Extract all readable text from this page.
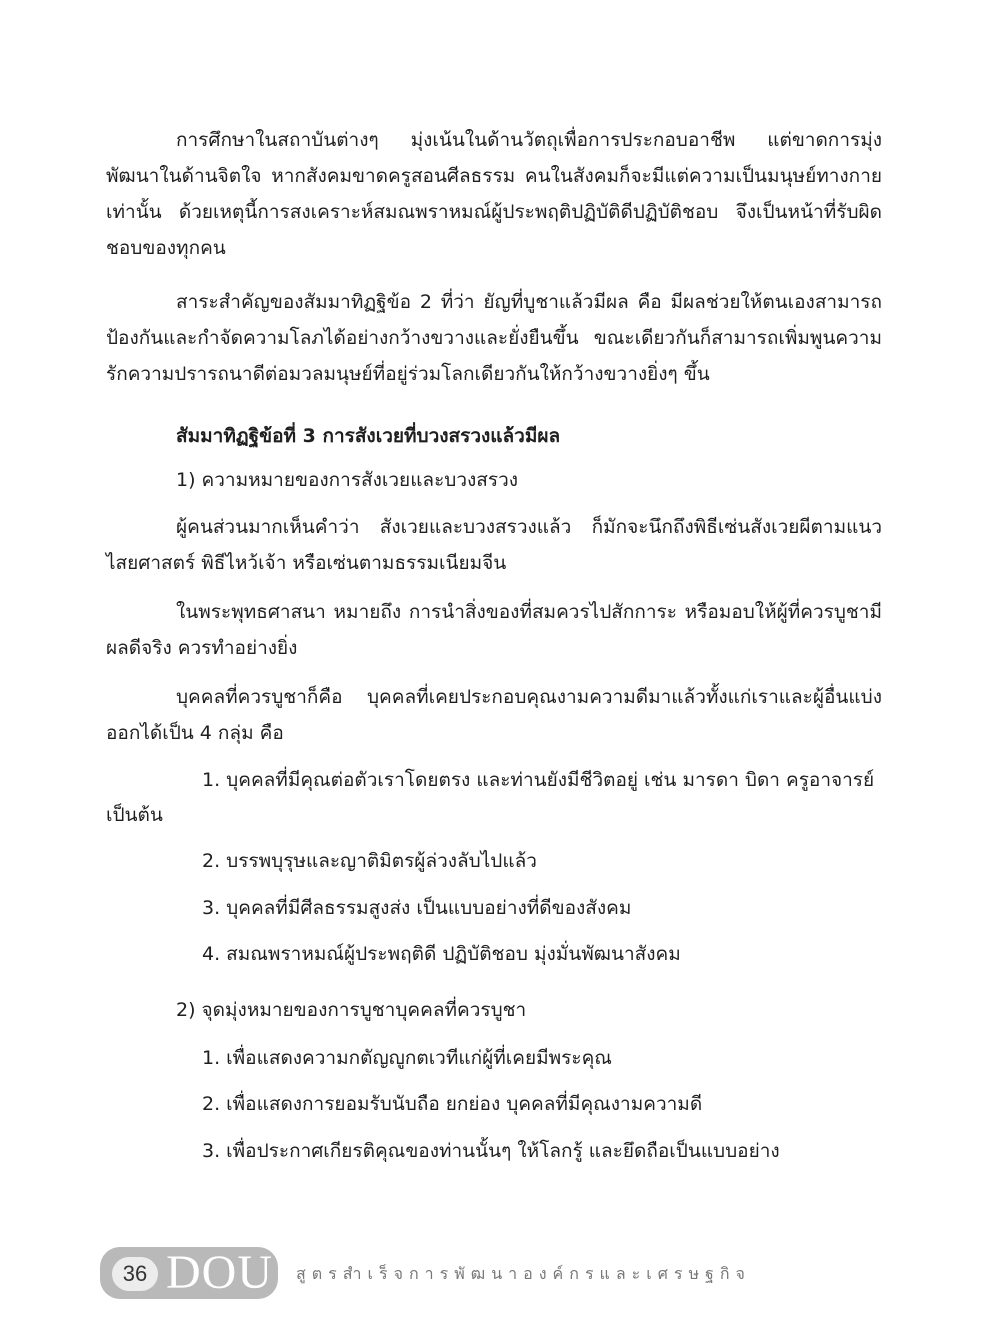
การศึกษาในสถาบันต่างๆ มุ่งเน้นในด้านวัตถุเพื่อการประกอบอาชีพ แต่ขาดการมุ่งพัฒนาในด้านจิตใจ หากสังคมขาดครูสอนศีลธรรม คนในสังคมก็จะมีแต่ความเป็นมนุษย์ทางกายเท่านั้น ด้วยเหตุนี้การสงเคราะห์สมณพราหมณ์ผู้ประพฤติปฏิบัติดีปฏิบัติชอบ จึงเป็นหน้าที่รับผิดชอบของทุกคน

สาระสำคัญของสัมมาทิฏฐิข้อ 2 ที่ว่า ยัญที่บูชาแล้วมีผล คือ มีผลช่วยให้ตนเองสามารถป้องกันและกำจัดความโลภได้อย่างกว้างขวางและยั่งยืนขึ้น ขณะเดียวกันก็สามารถเพิ่มพูนความรักความปรารถนาดีต่อมวลมนุษย์ที่อยู่ร่วมโลกเดียวกันให้กว้างขวางยิ่งๆ ขึ้น

สัมมาทิฏฐิข้อที่ 3 การสังเวยที่บวงสรวงแล้วมีผล

1) ความหมายของการสังเวยและบวงสรวง

ผู้คนส่วนมากเห็นคำว่า สังเวยและบวงสรวงแล้ว ก็มักจะนึกถึงพิธีเซ่นสังเวยผีตามแนวไสยศาสตร์ พิธีไหว้เจ้า หรือเซ่นตามธรรมเนียมจีน

ในพระพุทธศาสนา หมายถึง การนำสิ่งของที่สมควรไปสักการะ หรือมอบให้ผู้ที่ควรบูชามีผลดีจริง ควรทำอย่างยิ่ง

บุคคลที่ควรบูชาก็คือ บุคคลที่เคยประกอบคุณงามความดีมาแล้วทั้งแก่เราและผู้อื่นแบ่งออกได้เป็น 4 กลุ่ม คือ

1. บุคคลที่มีคุณต่อตัวเราโดยตรง และท่านยังมีชีวิตอยู่ เช่น มารดา บิดา ครูอาจารย์

เป็นต้น

2. บรรพบุรุษและญาติมิตรผู้ล่วงลับไปแล้ว

3. บุคคลที่มีศีลธรรมสูงส่ง เป็นแบบอย่างที่ดีของสังคม

4. สมณพราหมณ์ผู้ประพฤติดี ปฏิบัติชอบ มุ่งมั่นพัฒนาสังคม

2) จุดมุ่งหมายของการบูชาบุคคลที่ควรบูชา

1. เพื่อแสดงความกตัญญูกตเวทีแก่ผู้ที่เคยมีพระคุณ

2. เพื่อแสดงการยอมรับนับถือ ยกย่อง บุคคลที่มีคุณงามความดี

3. เพื่อประกาศเกียรติคุณของท่านนั้นๆ ให้โลกรู้ และยึดถือเป็นแบบอย่าง

36 DOU สูตรสำเร็จการพัฒนาองค์กรและเศรษฐกิจ
